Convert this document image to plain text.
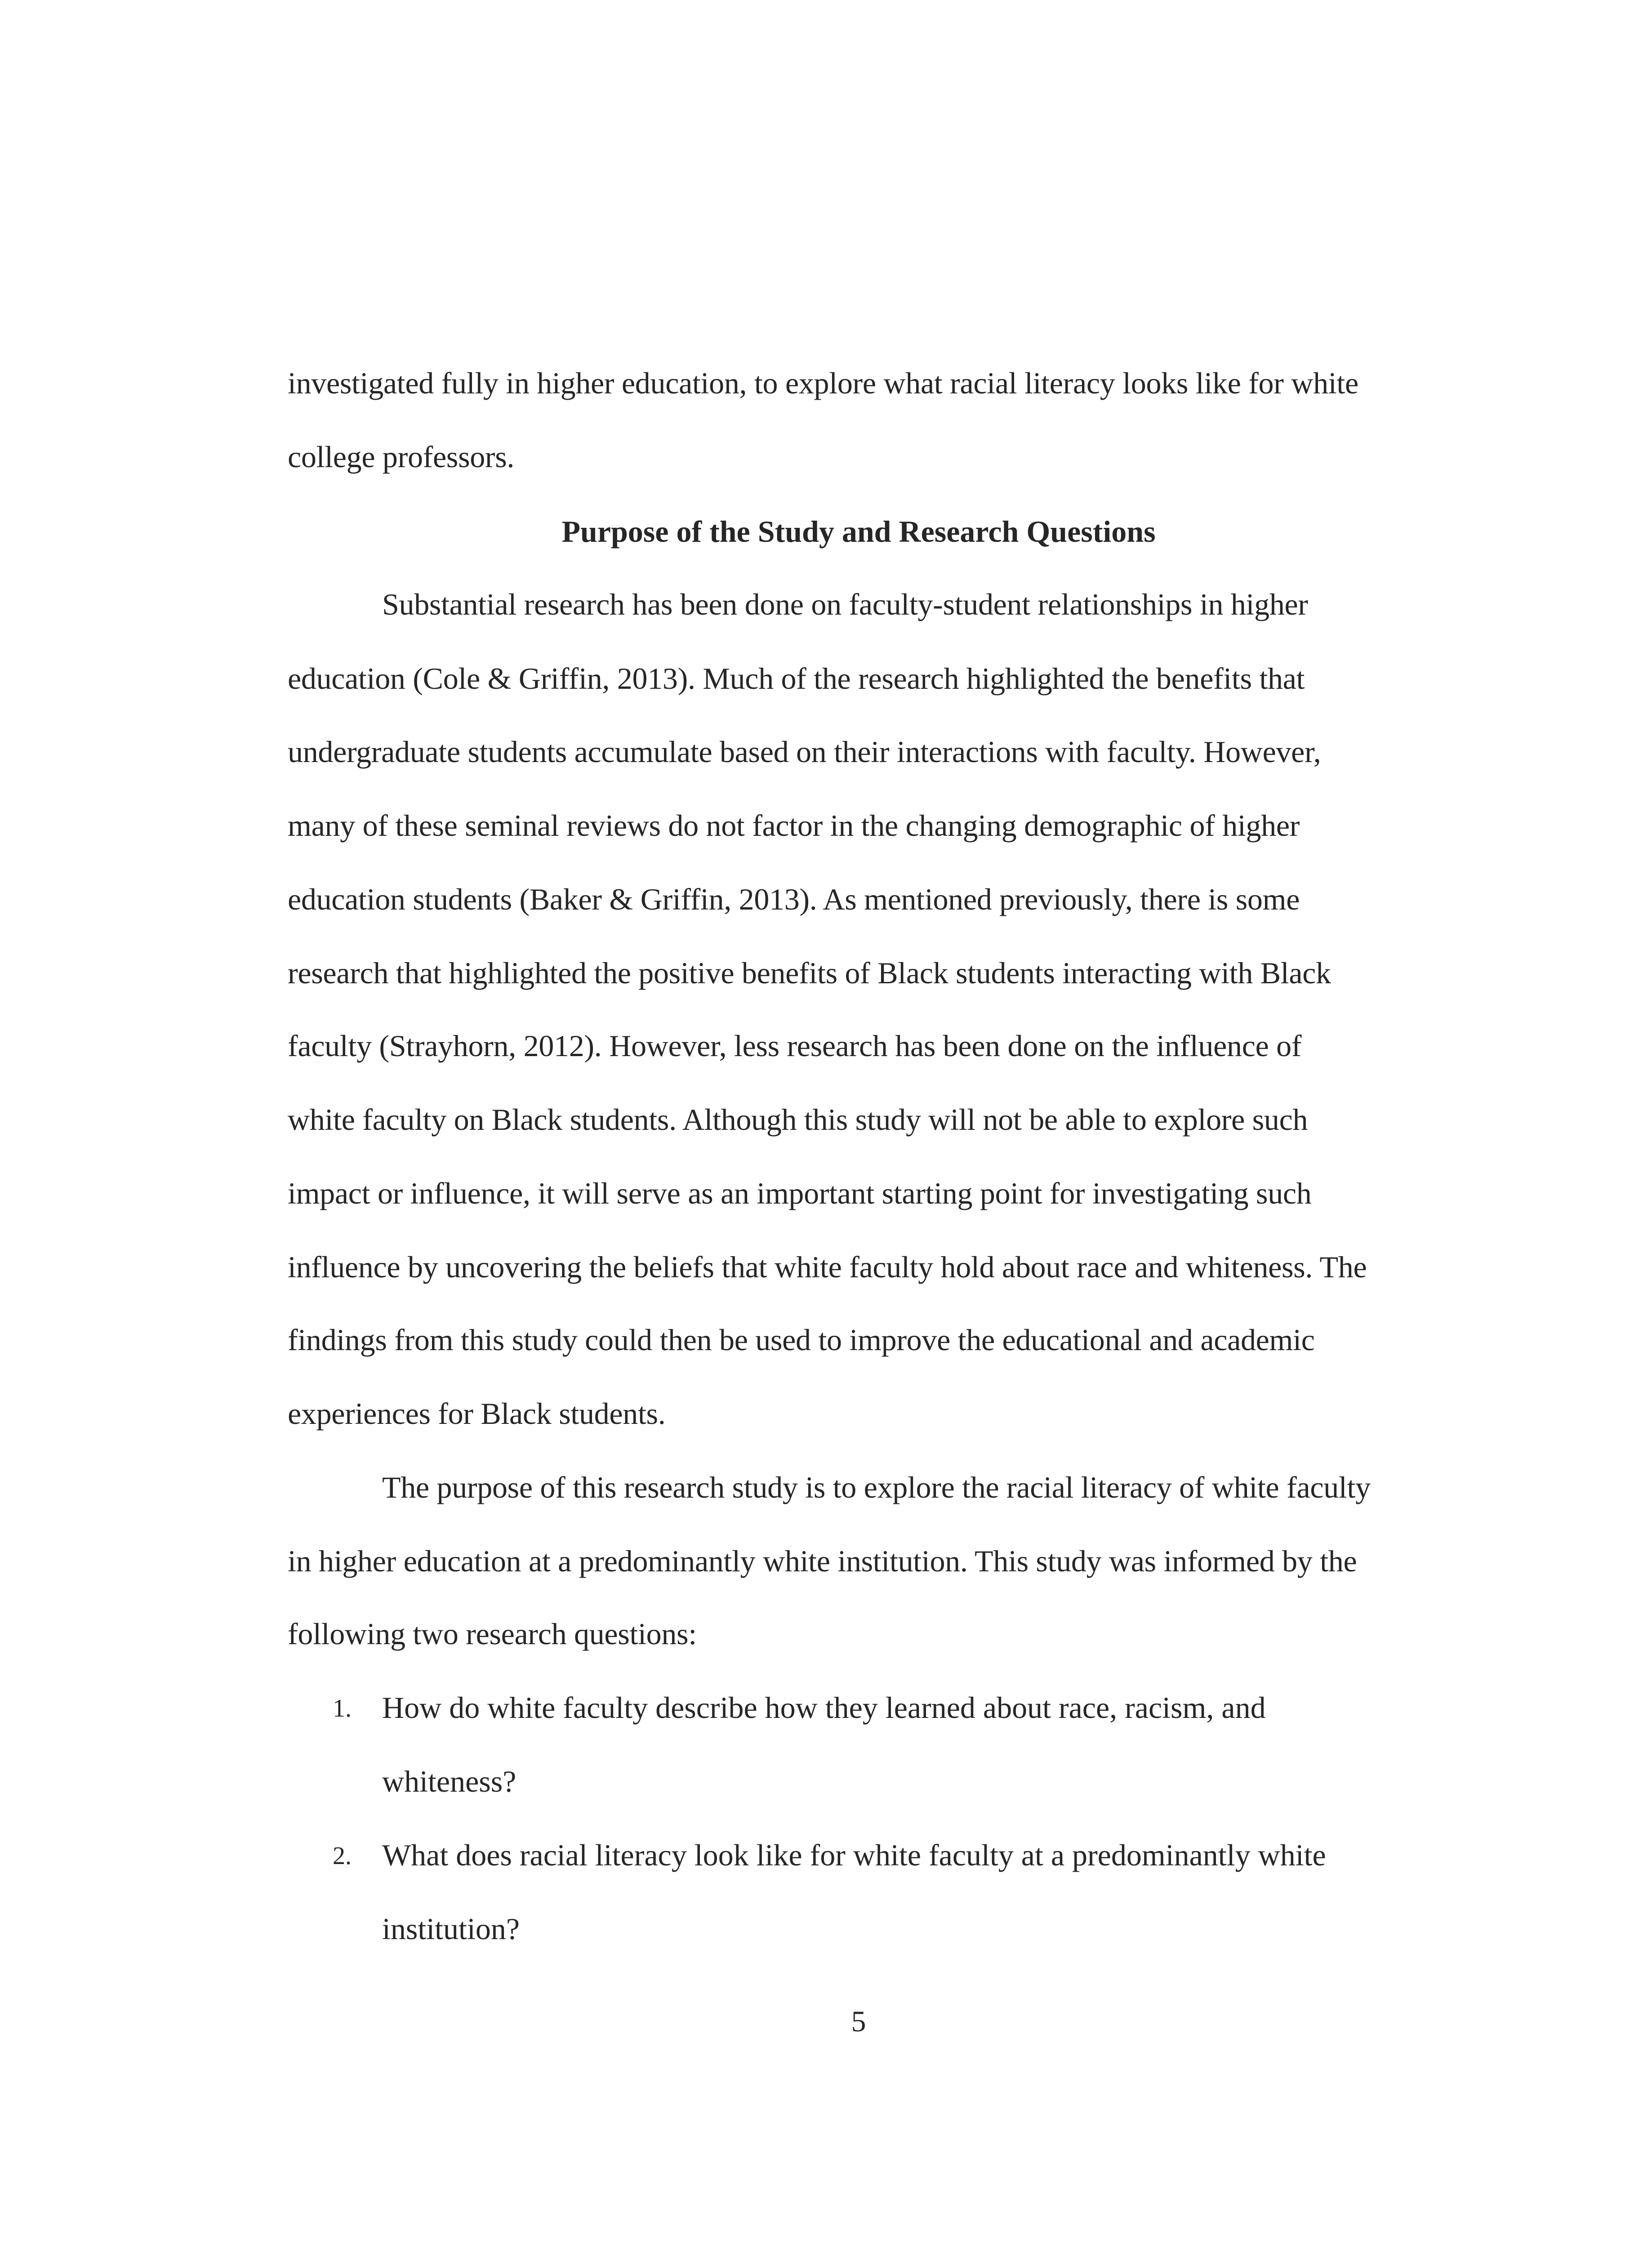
investigated fully in higher education, to explore what racial literacy looks like for white
college professors.
Purpose of the Study and Research Questions
Substantial research has been done on faculty-student relationships in higher
education (Cole & Griffin, 2013). Much of the research highlighted the benefits that
undergraduate students accumulate based on their interactions with faculty. However,
many of these seminal reviews do not factor in the changing demographic of higher
education students (Baker & Griffin, 2013). As mentioned previously, there is some
research that highlighted the positive benefits of Black students interacting with Black
faculty (Strayhorn, 2012). However, less research has been done on the influence of
white faculty on Black students. Although this study will not be able to explore such
impact or influence, it will serve as an important starting point for investigating such
influence by uncovering the beliefs that white faculty hold about race and whiteness. The
findings from this study could then be used to improve the educational and academic
experiences for Black students.
The purpose of this research study is to explore the racial literacy of white faculty
in higher education at a predominantly white institution. This study was informed by the
following two research questions:
1. How do white faculty describe how they learned about race, racism, and
whiteness?
2. What does racial literacy look like for white faculty at a predominantly white
institution?
5
